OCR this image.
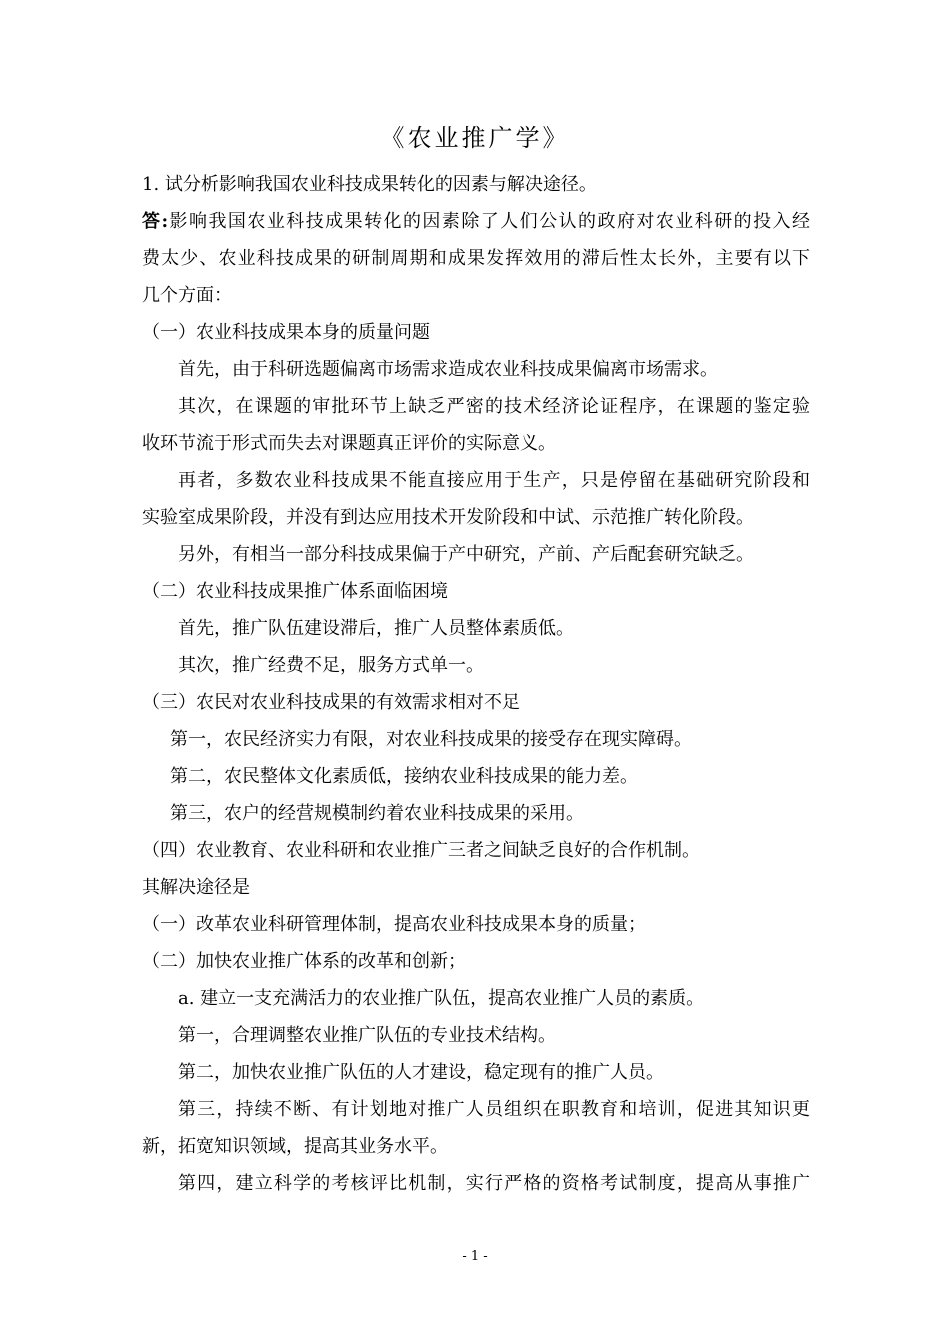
《农业推广学》
1. 试分析影响我国农业科技成果转化的因素与解决途径。
答:影响我国农业科技成果转化的因素除了人们公认的政府对农业科研的投入经
费太少、农业科技成果的研制周期和成果发挥效用的滞后性太长外，主要有以下
几个方面：
（一）农业科技成果本身的质量问题
首先，由于科研选题偏离市场需求造成农业科技成果偏离市场需求。
其次，在课题的审批环节上缺乏严密的技术经济论证程序，在课题的鉴定验
收环节流于形式而失去对课题真正评价的实际意义。
再者，多数农业科技成果不能直接应用于生产，只是停留在基础研究阶段和
实验室成果阶段，并没有到达应用技术开发阶段和中试、示范推广转化阶段。
另外，有相当一部分科技成果偏于产中研究，产前、产后配套研究缺乏。
（二）农业科技成果推广体系面临困境
首先，推广队伍建设滞后，推广人员整体素质低。
其次，推广经费不足，服务方式单一。
（三）农民对农业科技成果的有效需求相对不足
第一，农民经济实力有限，对农业科技成果的接受存在现实障碍。
第二，农民整体文化素质低，接纳农业科技成果的能力差。
第三，农户的经营规模制约着农业科技成果的采用。
（四）农业教育、农业科研和农业推广三者之间缺乏良好的合作机制。
其解决途径是
（一）改革农业科研管理体制，提高农业科技成果本身的质量；
（二）加快农业推广体系的改革和创新；
a. 建立一支充满活力的农业推广队伍，提高农业推广人员的素质。
第一，合理调整农业推广队伍的专业技术结构。
第二，加快农业推广队伍的人才建设，稳定现有的推广人员。
第三，持续不断、有计划地对推广人员组织在职教育和培训，促进其知识更
新，拓宽知识领域，提高其业务水平。
第四，建立科学的考核评比机制，实行严格的资格考试制度，提高从事推广
- 1 -
